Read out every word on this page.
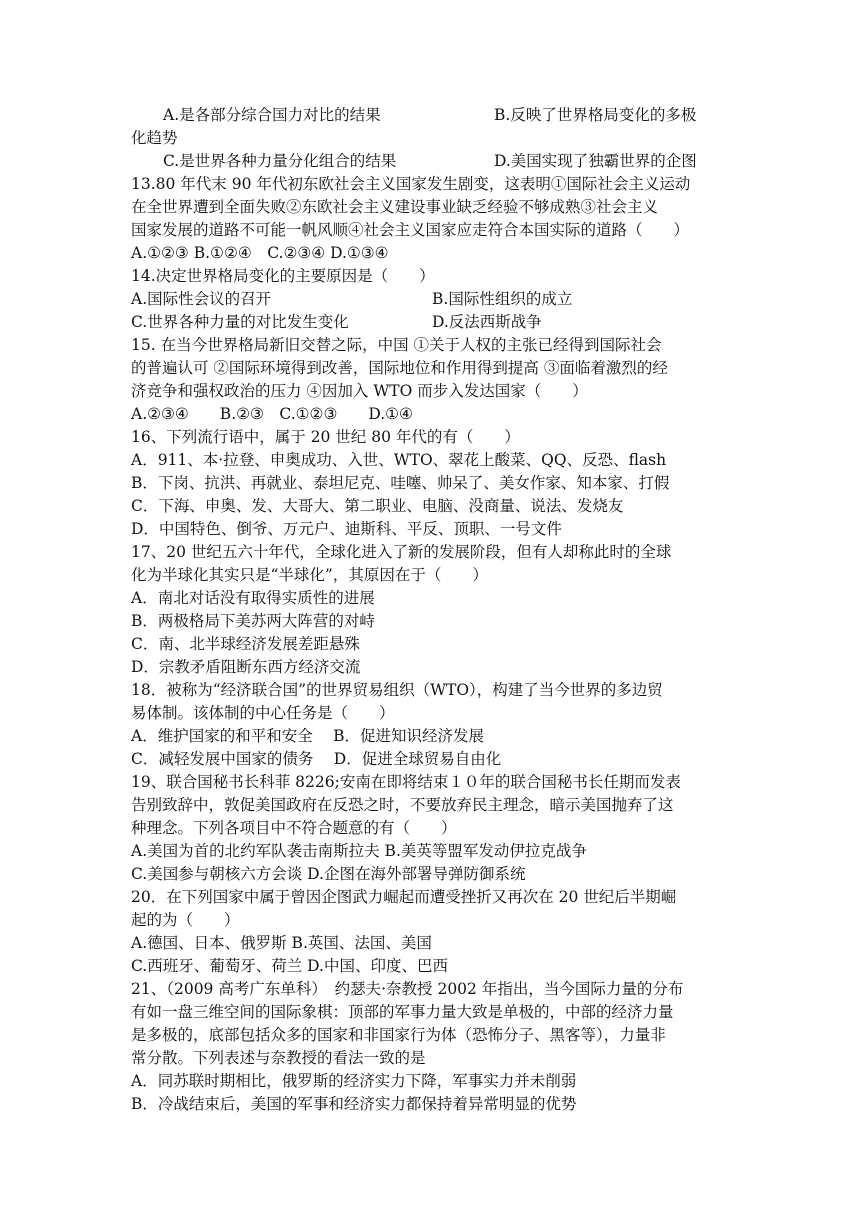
A.是各部分综合国力对比的结果	B.反映了世界格局变化的多极
化趋势
C.是世界各种力量分化组合的结果	D.美国实现了独霸世界的企图
13.80 年代末 90 年代初东欧社会主义国家发生剧变，这表明①国际社会主义运动
在全世界遭到全面失败②东欧社会主义建设事业缺乏经验不够成熟③社会主义
国家发展的道路不可能一帆风顺④社会主义国家应走符合本国实际的道路（　　）
A.①②③ B.①②④　C.②③④ D.①③④
14.决定世界格局变化的主要原因是（　　）
A.国际性会议的召开	B.国际性组织的成立
C.世界各种力量的对比发生变化	D.反法西斯战争
15. 在当今世界格局新旧交替之际，中国 ①关于人权的主张已经得到国际社会
的普遍认可 ②国际环境得到改善，国际地位和作用得到提高 ③面临着激烈的经
济竞争和强权政治的压力 ④因加入 WTO 而步入发达国家（　　）
A.②③④　　B.②③　C.①②③　　D.①④
16、下列流行语中，属于 20 世纪 80 年代的有（　　）
A．911、本·拉登、申奥成功、入世、WTO、翠花上酸菜、QQ、反恐、flash
B．下岗、抗洪、再就业、泰坦尼克、哇噻、帅呆了、美女作家、知本家、打假
C．下海、申奥、发、大哥大、第二职业、电脑、没商量、说法、发烧友
D．中国特色、倒爷、万元户、迪斯科、平反、顶职、一号文件
17、20 世纪五六十年代，全球化进入了新的发展阶段，但有人却称此时的全球
化为半球化其实只是“半球化”，其原因在于（　　）
A．南北对话没有取得实质性的进展
B．两极格局下美苏两大阵营的对峙
C．南、北半球经济发展差距悬殊
D．宗教矛盾阻断东西方经济交流
18．被称为“经济联合国”的世界贸易组织（WTO），构建了当今世界的多边贸
易体制。该体制的中心任务是（　　）
A．维护国家的和平和安全　 B．促进知识经济发展
C．减轻发展中国家的债务　 D．促进全球贸易自由化
19、联合国秘书长科菲 8226;安南在即将结束１０年的联合国秘书长任期而发表
告别致辞中，敦促美国政府在反恐之时，不要放弃民主理念，暗示美国抛弃了这
种理念。下列各项目中不符合题意的有（　　）
A.美国为首的北约军队袭击南斯拉夫 B.美英等盟军发动伊拉克战争
C.美国参与朝核六方会谈 D.企图在海外部署导弹防御系统
20．在下列国家中属于曾因企图武力崛起而遭受挫折又再次在 20 世纪后半期崛
起的为（　　）
A.德国、日本、俄罗斯 B.英国、法国、美国
C.西班牙、葡萄牙、荷兰 D.中国、印度、巴西
21、（2009 高考广东单科）　约瑟夫·奈教授 2002 年指出，当今国际力量的分布
有如一盘三维空间的国际象棋：顶部的军事力量大致是单极的，中部的经济力量
是多极的，底部包括众多的国家和非国家行为体（恐怖分子、黑客等），力量非
常分散。下列表述与奈教授的看法一致的是
A．同苏联时期相比，俄罗斯的经济实力下降，军事实力并未削弱
B．冷战结束后，美国的军事和经济实力都保持着异常明显的优势
